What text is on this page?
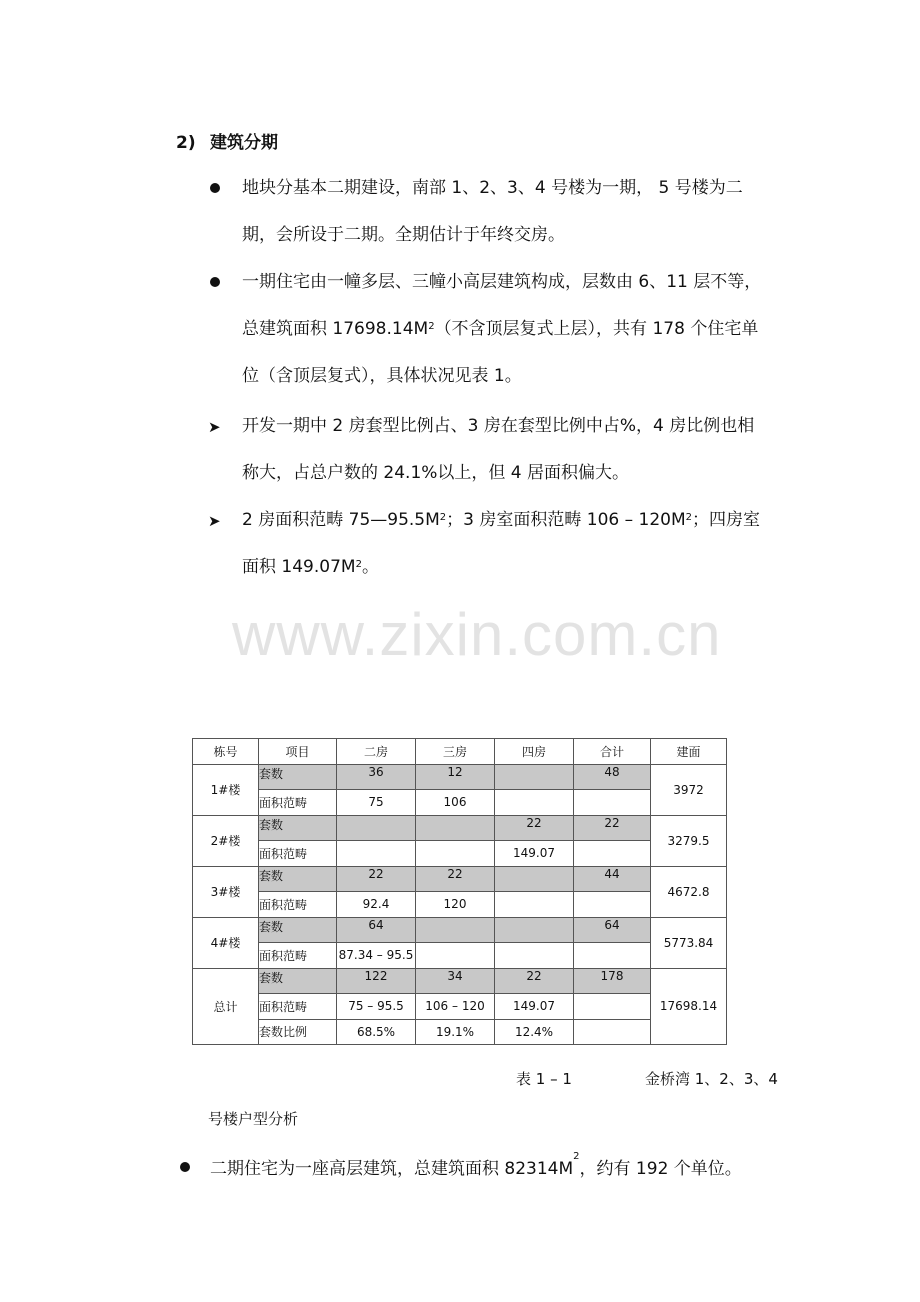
2) 建筑分期
地块分基本二期建设，南部 1、2、3、4 号楼为一期， 5 号楼为二
期，会所设于二期。全期估计于年终交房。
一期住宅由一幢多层、三幢小高层建筑构成，层数由 6、11 层不等，
总建筑面积 $17698.14M^2$（不含顶层复式上层），共有 178 个住宅单
位（含顶层复式），具体状况见表 1。
➤ 开发一期中 2 房套型比例占、3 房在套型比例中占%，4 房比例也相
称大，占总户数的 24.1%以上，但 4 居面积偏大。
➤ 2 房面积范畴 $75—95.5M^2$；3 房室面积范畴 $106 - 120M^2$；四房室
面积 $149.07M^2$。
www.zixin.com.cn
栋号	项目	二房	三房	四房	合计	建面
1#楼	套数	36	12		48	3972
	面积范畴	75	106			
2#楼	套数			22	22	3279.5
	面积范畴			149.07		
3#楼	套数	22	22		44	4672.8
	面积范畴	92.4	120			
4#楼	套数	64			64	5773.84
	面积范畴	87.34 – 95.5				
总计	套数	122	34	22	178	17698.14
	面积范畴	75 – 95.5	106 – 120	149.07		
	套数比例	68.5%	19.1%	12.4%		
表 1 – 1	金桥湾 1、2、3、4
号楼户型分析
二期住宅为一座高层建筑，总建筑面积 $82314M^2$，约有 192 个单位。
